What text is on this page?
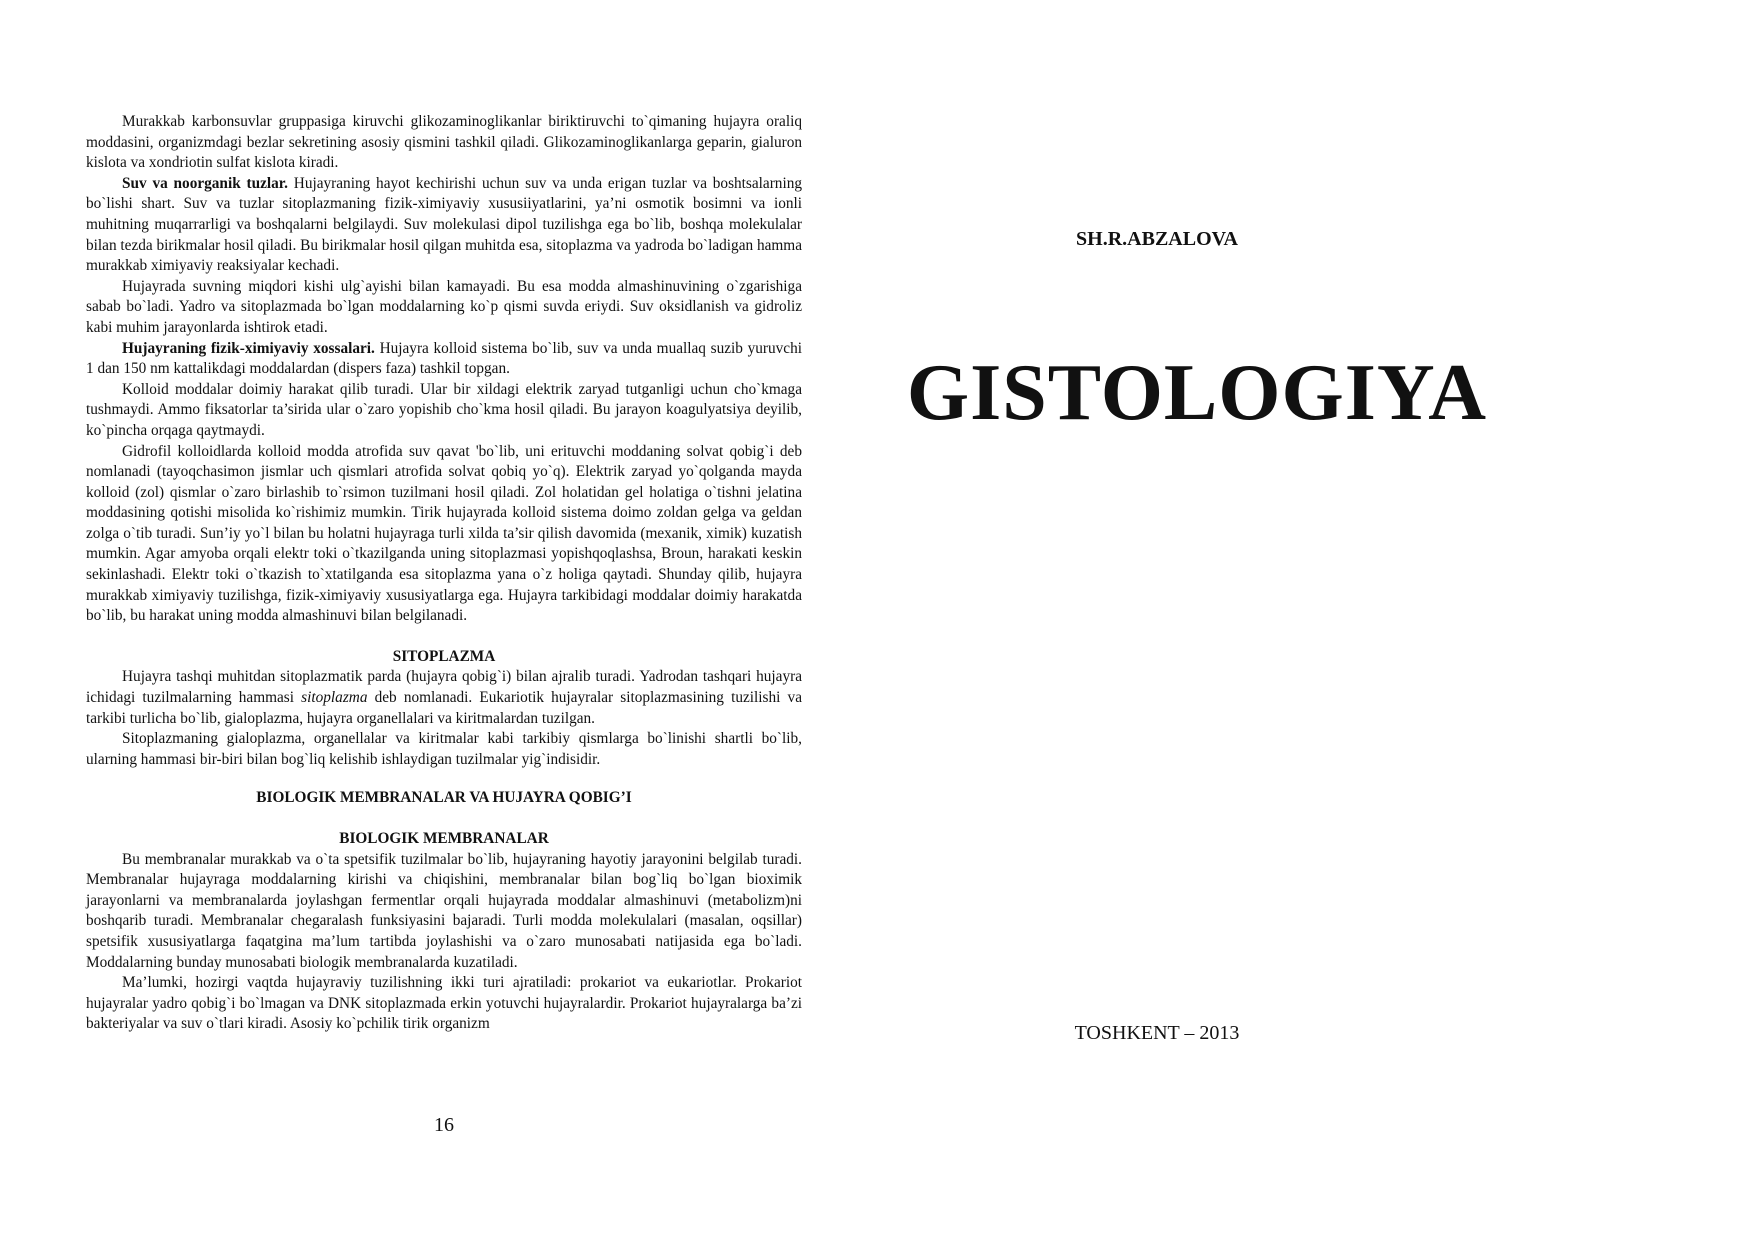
Murakkab karbonsuvlar gruppasiga kiruvchi glikozaminoglikanlar biriktiruvchi to`qimaning hujayra oraliq moddasini, organizmdagi bezlar sekretining asosiy qismini tashkil qiladi. Glikozaminoglikanlarga geparin, gialuron kislota va xondriotin sulfat kislota kiradi.

Suv va noorganik tuzlar. Hujayraning hayot kechirishi uchun suv va unda erigan tuzlar va boshtsalarning bo`lishi shart. Suv va tuzlar sitoplazmaning fizik-ximiyaviy xususiiyatlarini, ya’ni osmotik bosimni va ionli muhitning muqarrarligi va boshqalarni belgilaydi. Suv molekulasi dipol tuzilishga ega bo`lib, boshqa molekulalar bilan tezda birikmalar hosil qiladi. Bu birikmalar hosil qilgan muhitda esa, sitoplazma va yadroda bo`ladigan hamma murakkab ximiyaviy reaksiyalar kechadi.

Hujayrada suvning miqdori kishi ulg`ayishi bilan kamayadi. Bu esa modda almashinuvining o`zgarishiga sabab bo`ladi. Yadro va sitoplazmada bo`lgan moddalarning ko`p qismi suvda eriydi. Suv oksidlanish va gidroliz kabi muhim jarayonlarda ishtirok etadi.

Hujayraning fizik-ximiyaviy xossalari. Hujayra kolloid sistema bo`lib, suv va unda muallaq suzib yuruvchi 1 dan 150 nm kattalikdagi moddalardan (dispers faza) tashkil topgan.

Kolloid moddalar doimiy harakat qilib turadi. Ular bir xildagi elektrik zaryad tutganligi uchun cho`kmaga tushmaydi. Ammo fiksatorlar ta’sirida ular o`zaro yopishib cho`kma hosil qiladi. Bu jarayon koagulyatsiya deyilib, ko`pincha orqaga qaytmaydi.

Gidrofil kolloidlarda kolloid modda atrofida suv qavat 'bo`lib, uni erituvchi moddaning solvat qobig`i deb nomlanadi (tayoqchasimon jismlar uch qismlari atrofida solvat qobiq yo`q). Elektrik zaryad yo`qolganda mayda kolloid (zol) qismlar o`zaro birlashib to`rsimon tuzilmani hosil qiladi. Zol holatidan gel holatiga o`tishni jelatina moddasining qotishi misolida ko`rishimiz mumkin. Tirik hujayrada kolloid sistema doimo zoldan gelga va geldan zolga o`tib turadi. Sun’iy yo`l bilan bu holatni hujayraga turli xilda ta’sir qilish davomida (mexanik, ximik) kuzatish mumkin. Agar amyoba orqali elektr toki o`tkazilganda uning sitoplazmasi yopishqoqlashsa, Broun, harakati keskin sekinlashadi. Elektr toki o`tkazish to`xtatilganda esa sitoplazma yana o`z holiga qaytadi. Shunday qilib, hujayra murakkab ximiyaviy tuzilishga, fizik-ximiyaviy xususiyatlarga ega. Hujayra tarkibidagi moddalar doimiy harakatda bo`lib, bu harakat uning modda almashinuvi bilan belgilanadi.

SITOPLAZMA

Hujayra tashqi muhitdan sitoplazmatik parda (hujayra qobig`i) bilan ajralib turadi. Yadrodan tashqari hujayra ichidagi tuzilmalarning hammasi sitoplazma deb nomlanadi. Eukariotik hujayralar sitoplazmasining tuzilishi va tarkibi turlicha bo`lib, gialoplazma, hujayra organellalari va kiritmalardan tuzilgan.

Sitoplazmaning gialoplazma, organellalar va kiritmalar kabi tarkibiy qismlarga bo`linishi shartli bo`lib, ularning hammasi bir-biri bilan bog`liq kelishib ishlaydigan tuzilmalar yig`indisidir.

BIOLOGIK MEMBRANALAR VA HUJAYRA QOBIG’I
BIOLOGIK MEMBRANALAR

Bu membranalar murakkab va o`ta spetsifik tuzilmalar bo`lib, hujayraning hayotiy jarayonini belgilab turadi. Membranalar hujayraga moddalarning kirishi va chiqishini, membranalar bilan bog`liq bo`lgan bioximik jarayonlarni va membranalarda joylashgan fermentlar orqali hujayrada moddalar almashinuvi (metabolizm)ni boshqarib turadi. Membranalar chegaralash funksiyasini bajaradi. Turli modda molekulalari (masalan, oqsillar) spetsifik xususiyatlarga faqatgina ma’lum tartibda joylashishi va o`zaro munosabati natijasida ega bo`ladi. Moddalarning bunday munosabati biologik membranalarda kuzatiladi.

Ma’lumki, hozirgi vaqtda hujayraviy tuzilishning ikki turi ajratiladi: prokariot va eukariotlar. Prokariot hujayralar yadro qobig`i bo`lmagan va DNK sitoplazmada erkin yotuvchi hujayralardir. Prokariot hujayralarga ba’zi bakteriyalar va suv o`tlari kiradi. Asosiy ko`pchilik tirik organizm

16
SH.R.ABZALOVA
GISTOLOGIYA
TOSHKENT – 2013
